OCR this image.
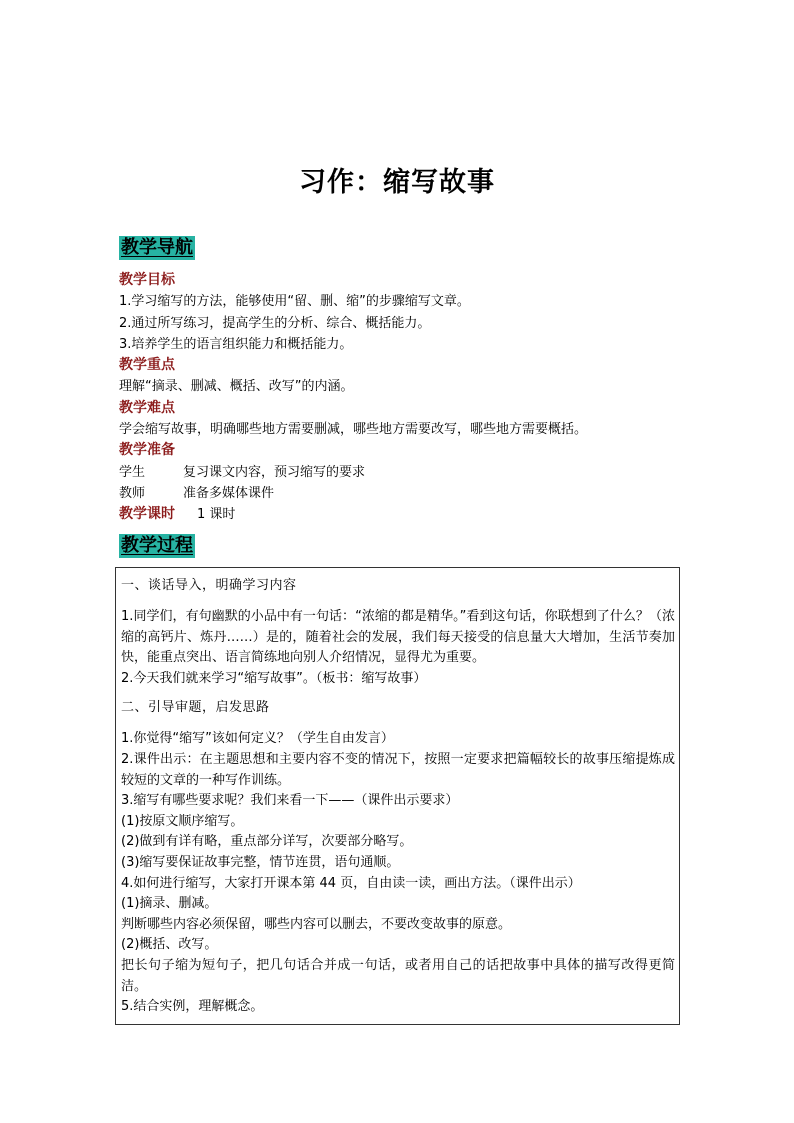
习作：缩写故事
教学导航
教学目标
1.学习缩写的方法，能够使用“留、删、缩”的步骤缩写文章。
2.通过所写练习，提高学生的分析、综合、概括能力。
3.培养学生的语言组织能力和概括能力。
教学重点
理解“摘录、删减、概括、改写”的内涵。
教学难点
学会缩写故事，明确哪些地方需要删减，哪些地方需要改写，哪些地方需要概括。
教学准备
学生	复习课文内容，预习缩写的要求
教师	准备多媒体课件
教学课时 1 课时
教学过程
一、谈话导入，明确学习内容
1.同学们，有句幽默的小品中有一句话：“浓缩的都是精华。”看到这句话，你联想到了什么？（浓缩的高钙片、炼丹……）是的，随着社会的发展，我们每天接受的信息量大大增加，生活节奏加快，能重点突出、语言简练地向别人介绍情况，显得尤为重要。
2.今天我们就来学习“缩写故事”。（板书：缩写故事）
二、引导审题，启发思路
1.你觉得“缩写”该如何定义？（学生自由发言）
2.课件出示：在主题思想和主要内容不变的情况下，按照一定要求把篇幅较长的故事压缩提炼成较短的文章的一种写作训练。
3.缩写有哪些要求呢？我们来看一下——（课件出示要求）
(1)按原文顺序缩写。
(2)做到有详有略，重点部分详写，次要部分略写。
(3)缩写要保证故事完整，情节连贯，语句通顺。
4.如何进行缩写，大家打开课本第 44 页，自由读一读，画出方法。（课件出示）
(1)摘录、删减。
判断哪些内容必须保留，哪些内容可以删去，不要改变故事的原意。
(2)概括、改写。
把长句子缩为短句子，把几句话合并成一句话，或者用自己的话把故事中具体的描写改得更简洁。
5.结合实例，理解概念。
